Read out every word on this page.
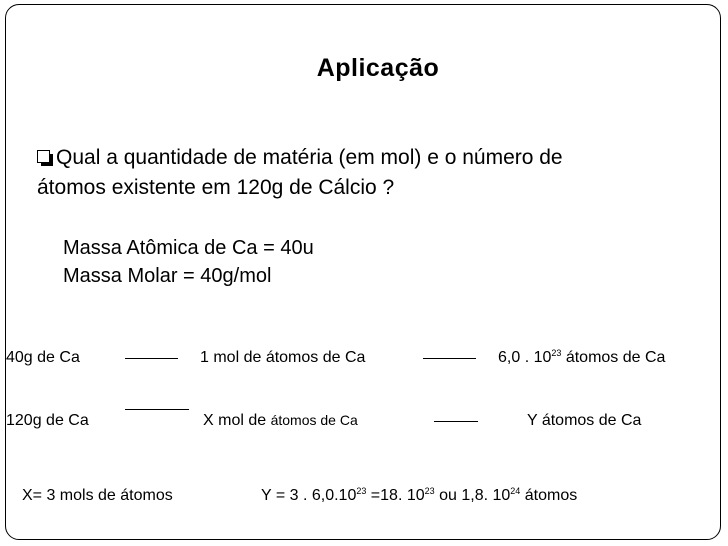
Aplicação
Qual a quantidade de matéria (em mol) e o número de
átomos existente em 120g de Cálcio ?
Massa Atômica de Ca = 40u
Massa Molar = 40g/mol
40g de Ca	1 mol de átomos de Ca	6,0 . $10^{23}$ átomos de Ca
120g de Ca	X mol de átomos de Ca	Y átomos de Ca
X= 3 mols de átomos	Y = 3 . $6,0.10^{23} =18$. $10^{23}$ ou 1,8. $10^{24}$ átomos
